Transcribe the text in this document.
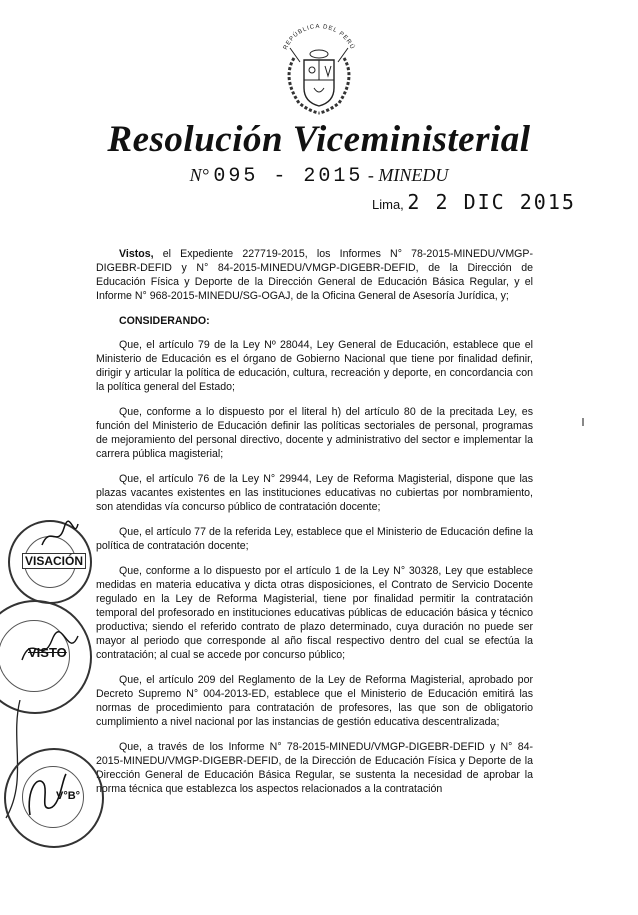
REPÚBLICA DEL PERÚ
Resolución Viceministerial
N° 095 - 2015 - MINEDU
Lima, 2 2 DIC 2015

Vistos, el Expediente 227719-2015, los Informes N° 78-2015-MINEDU/VMGP-DIGEBR-DEFID y N° 84-2015-MINEDU/VMGP-DIGEBR-DEFID, de la Dirección de Educación Física y Deporte de la Dirección General de Educación Básica Regular, y el Informe N° 968-2015-MINEDU/SG-OGAJ, de la Oficina General de Asesoría Jurídica, y;

CONSIDERANDO:

Que, el artículo 79 de la Ley Nº 28044, Ley General de Educación, establece que el Ministerio de Educación es el órgano de Gobierno Nacional que tiene por finalidad definir, dirigir y articular la política de educación, cultura, recreación y deporte, en concordancia con la política general del Estado;

Que, conforme a lo dispuesto por el literal h) del artículo 80 de la precitada Ley, es función del Ministerio de Educación definir las políticas sectoriales de personal, programas de mejoramiento del personal directivo, docente y administrativo del sector e implementar la carrera pública magisterial;

Que, el artículo 76 de la Ley N° 29944, Ley de Reforma Magisterial, dispone que las plazas vacantes existentes en las instituciones educativas no cubiertas por nombramiento, son atendidas vía concurso público de contratación docente;

Que, el artículo 77 de la referida Ley, establece que el Ministerio de Educación define la política de contratación docente;

Que, conforme a lo dispuesto por el artículo 1 de la Ley N° 30328, Ley que establece medidas en materia educativa y dicta otras disposiciones, el Contrato de Servicio Docente regulado en la Ley de Reforma Magisterial, tiene por finalidad permitir la contratación temporal del profesorado en instituciones educativas públicas de educación básica y técnico productiva; siendo el referido contrato de plazo determinado, cuya duración no puede ser mayor al periodo que corresponde al año fiscal respectivo dentro del cual se efectúa la contratación; al cual se accede por concurso público;

Que, el artículo 209 del Reglamento de la Ley de Reforma Magisterial, aprobado por Decreto Supremo N° 004-2013-ED, establece que el Ministerio de Educación emitirá las normas de procedimiento para contratación de profesores, las que son de obligatorio cumplimiento a nivel nacional por las instancias de gestión educativa descentralizada;

Que, a través de los Informe N° 78-2015-MINEDU/VMGP-DIGEBR-DEFID y N° 84-2015-MINEDU/VMGP-DIGEBR-DEFID, de la Dirección de Educación Física y Deporte de la Dirección General de Educación Básica Regular, se sustenta la necesidad de aprobar la norma técnica que establezca los aspectos relacionados a la contratación

VISACIÓN
VISTO
V°B°
